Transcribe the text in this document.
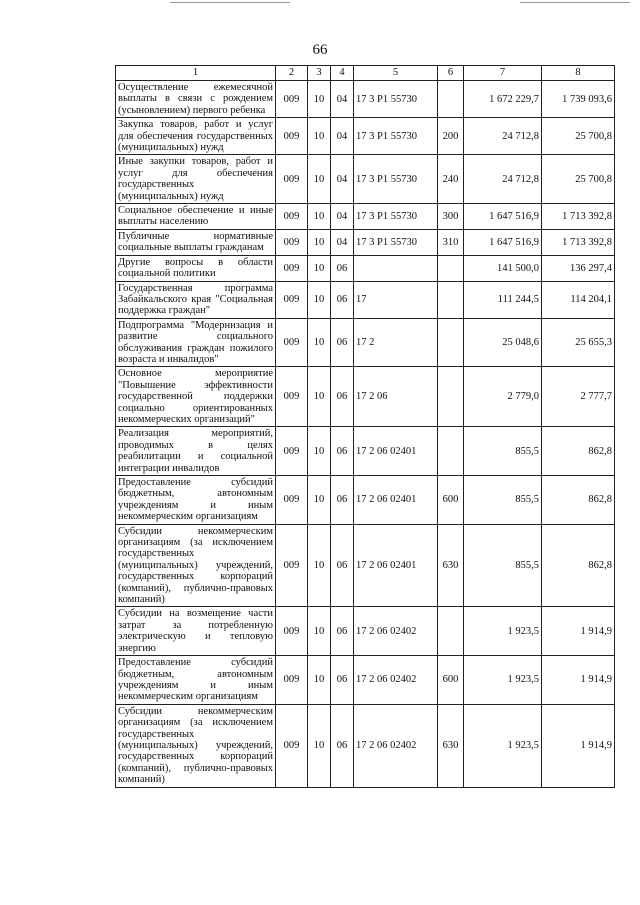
66
1	2	3	4	5	6	7	8
Осуществление ежемесячной выплаты в связи с рождением (усыновлением) первого ребенка	009	10	04	17 3 P1 55730		1 672 229,7	1 739 093,6
Закупка товаров, работ и услуг для обеспечения государственных (муниципальных) нужд	009	10	04	17 3 P1 55730	200	24 712,8	25 700,8
Иные закупки товаров, работ и услуг для обеспечения государственных (муниципальных) нужд	009	10	04	17 3 P1 55730	240	24 712,8	25 700,8
Социальное обеспечение и иные выплаты населению	009	10	04	17 3 P1 55730	300	1 647 516,9	1 713 392,8
Публичные нормативные социальные выплаты гражданам	009	10	04	17 3 P1 55730	310	1 647 516,9	1 713 392,8
Другие вопросы в области социальной политики	009	10	06			141 500,0	136 297,4
Государственная программа Забайкальского края "Социальная поддержка граждан"	009	10	06	17		111 244,5	114 204,1
Подпрограмма "Модернизация и развитие социального обслуживания граждан пожилого возраста и инвалидов"	009	10	06	17 2		25 048,6	25 655,3
Основное мероприятие "Повышение эффективности государственной поддержки социально ориентированных некоммерческих организаций"	009	10	06	17 2 06		2 779,0	2 777,7
Реализация мероприятий, проводимых в целях реабилитации и социальной интеграции инвалидов	009	10	06	17 2 06 02401		855,5	862,8
Предоставление субсидий бюджетным, автономным учреждениям и иным некоммерческим организациям	009	10	06	17 2 06 02401	600	855,5	862,8
Субсидии некоммерческим организациям (за исключением государственных (муниципальных) учреждений, государственных корпораций (компаний), публично-правовых компаний)	009	10	06	17 2 06 02401	630	855,5	862,8
Субсидии на возмещение части затрат за потребленную электрическую и тепловую энергию	009	10	06	17 2 06 02402		1 923,5	1 914,9
Предоставление субсидий бюджетным, автономным учреждениям и иным некоммерческим организациям	009	10	06	17 2 06 02402	600	1 923,5	1 914,9
Субсидии некоммерческим организациям (за исключением государственных (муниципальных) учреждений, государственных корпораций (компаний), публично-правовых компаний)	009	10	06	17 2 06 02402	630	1 923,5	1 914,9
